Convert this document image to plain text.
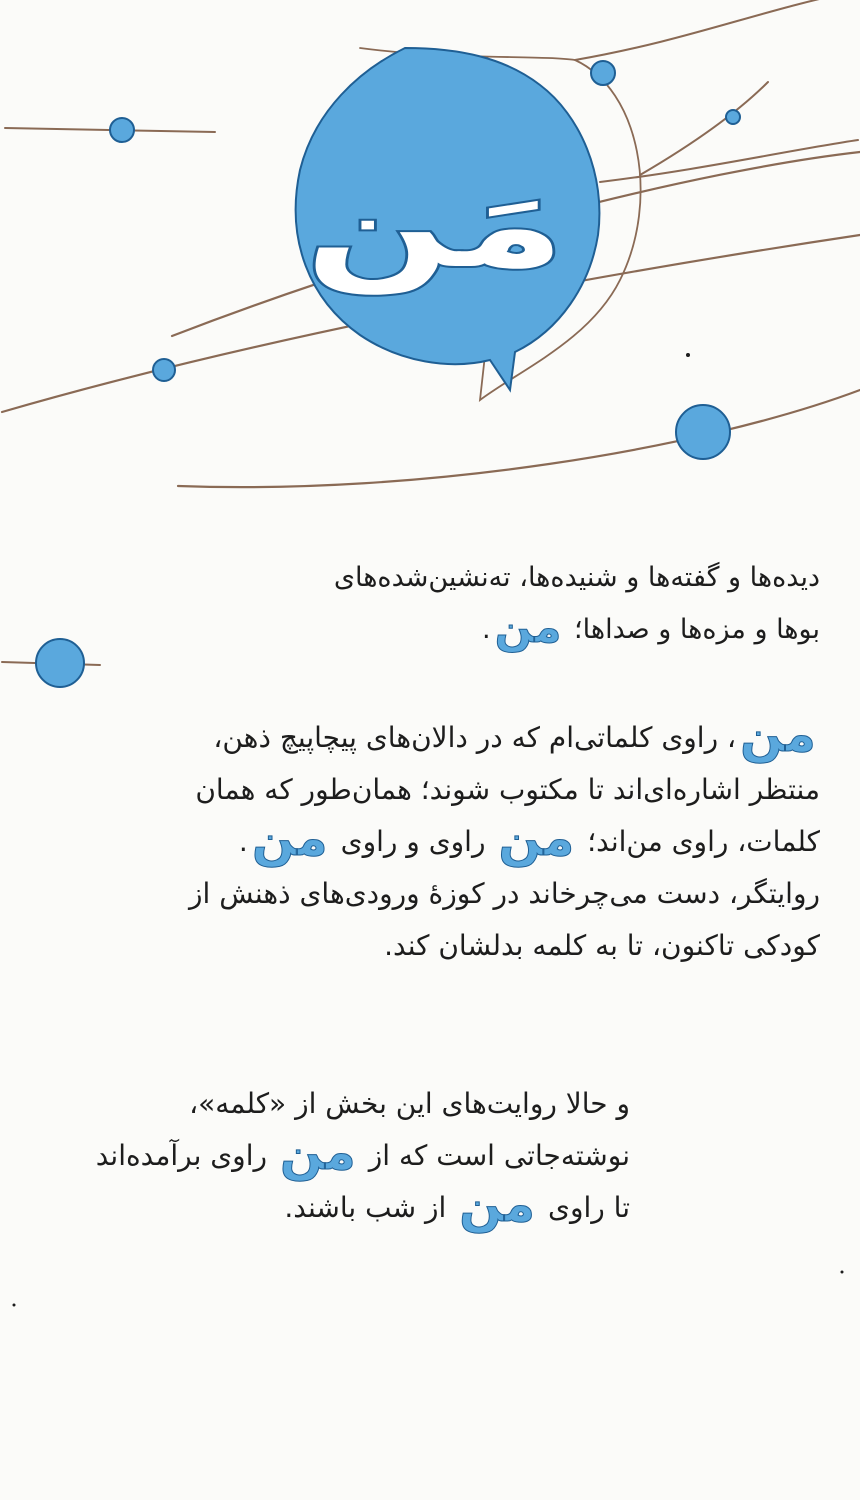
مَن
دیده‌ها و گفته‌ها و شنیده‌ها، ته‌نشین‌شده‌های
بوها و مزه‌ها و صداها؛ من.
من، راوی کلماتی‌ام که در دالان‌های پیچاپیچ ذهن،
منتظر اشاره‌ای‌اند تا مکتوب شوند؛ همان‌طور که همان
کلمات، راوی من‌اند؛ من راوی و راوی من.
روایتگر، دست می‌چرخاند در کوزهٔ ورودی‌های ذهنش از
کودکی تاکنون، تا به کلمه بدلشان کند.
و حالا روایت‌های این بخش از «کلمه»،
نوشته‌جاتی است که از من راوی برآمده‌اند
تا راوی من از شب باشند.
